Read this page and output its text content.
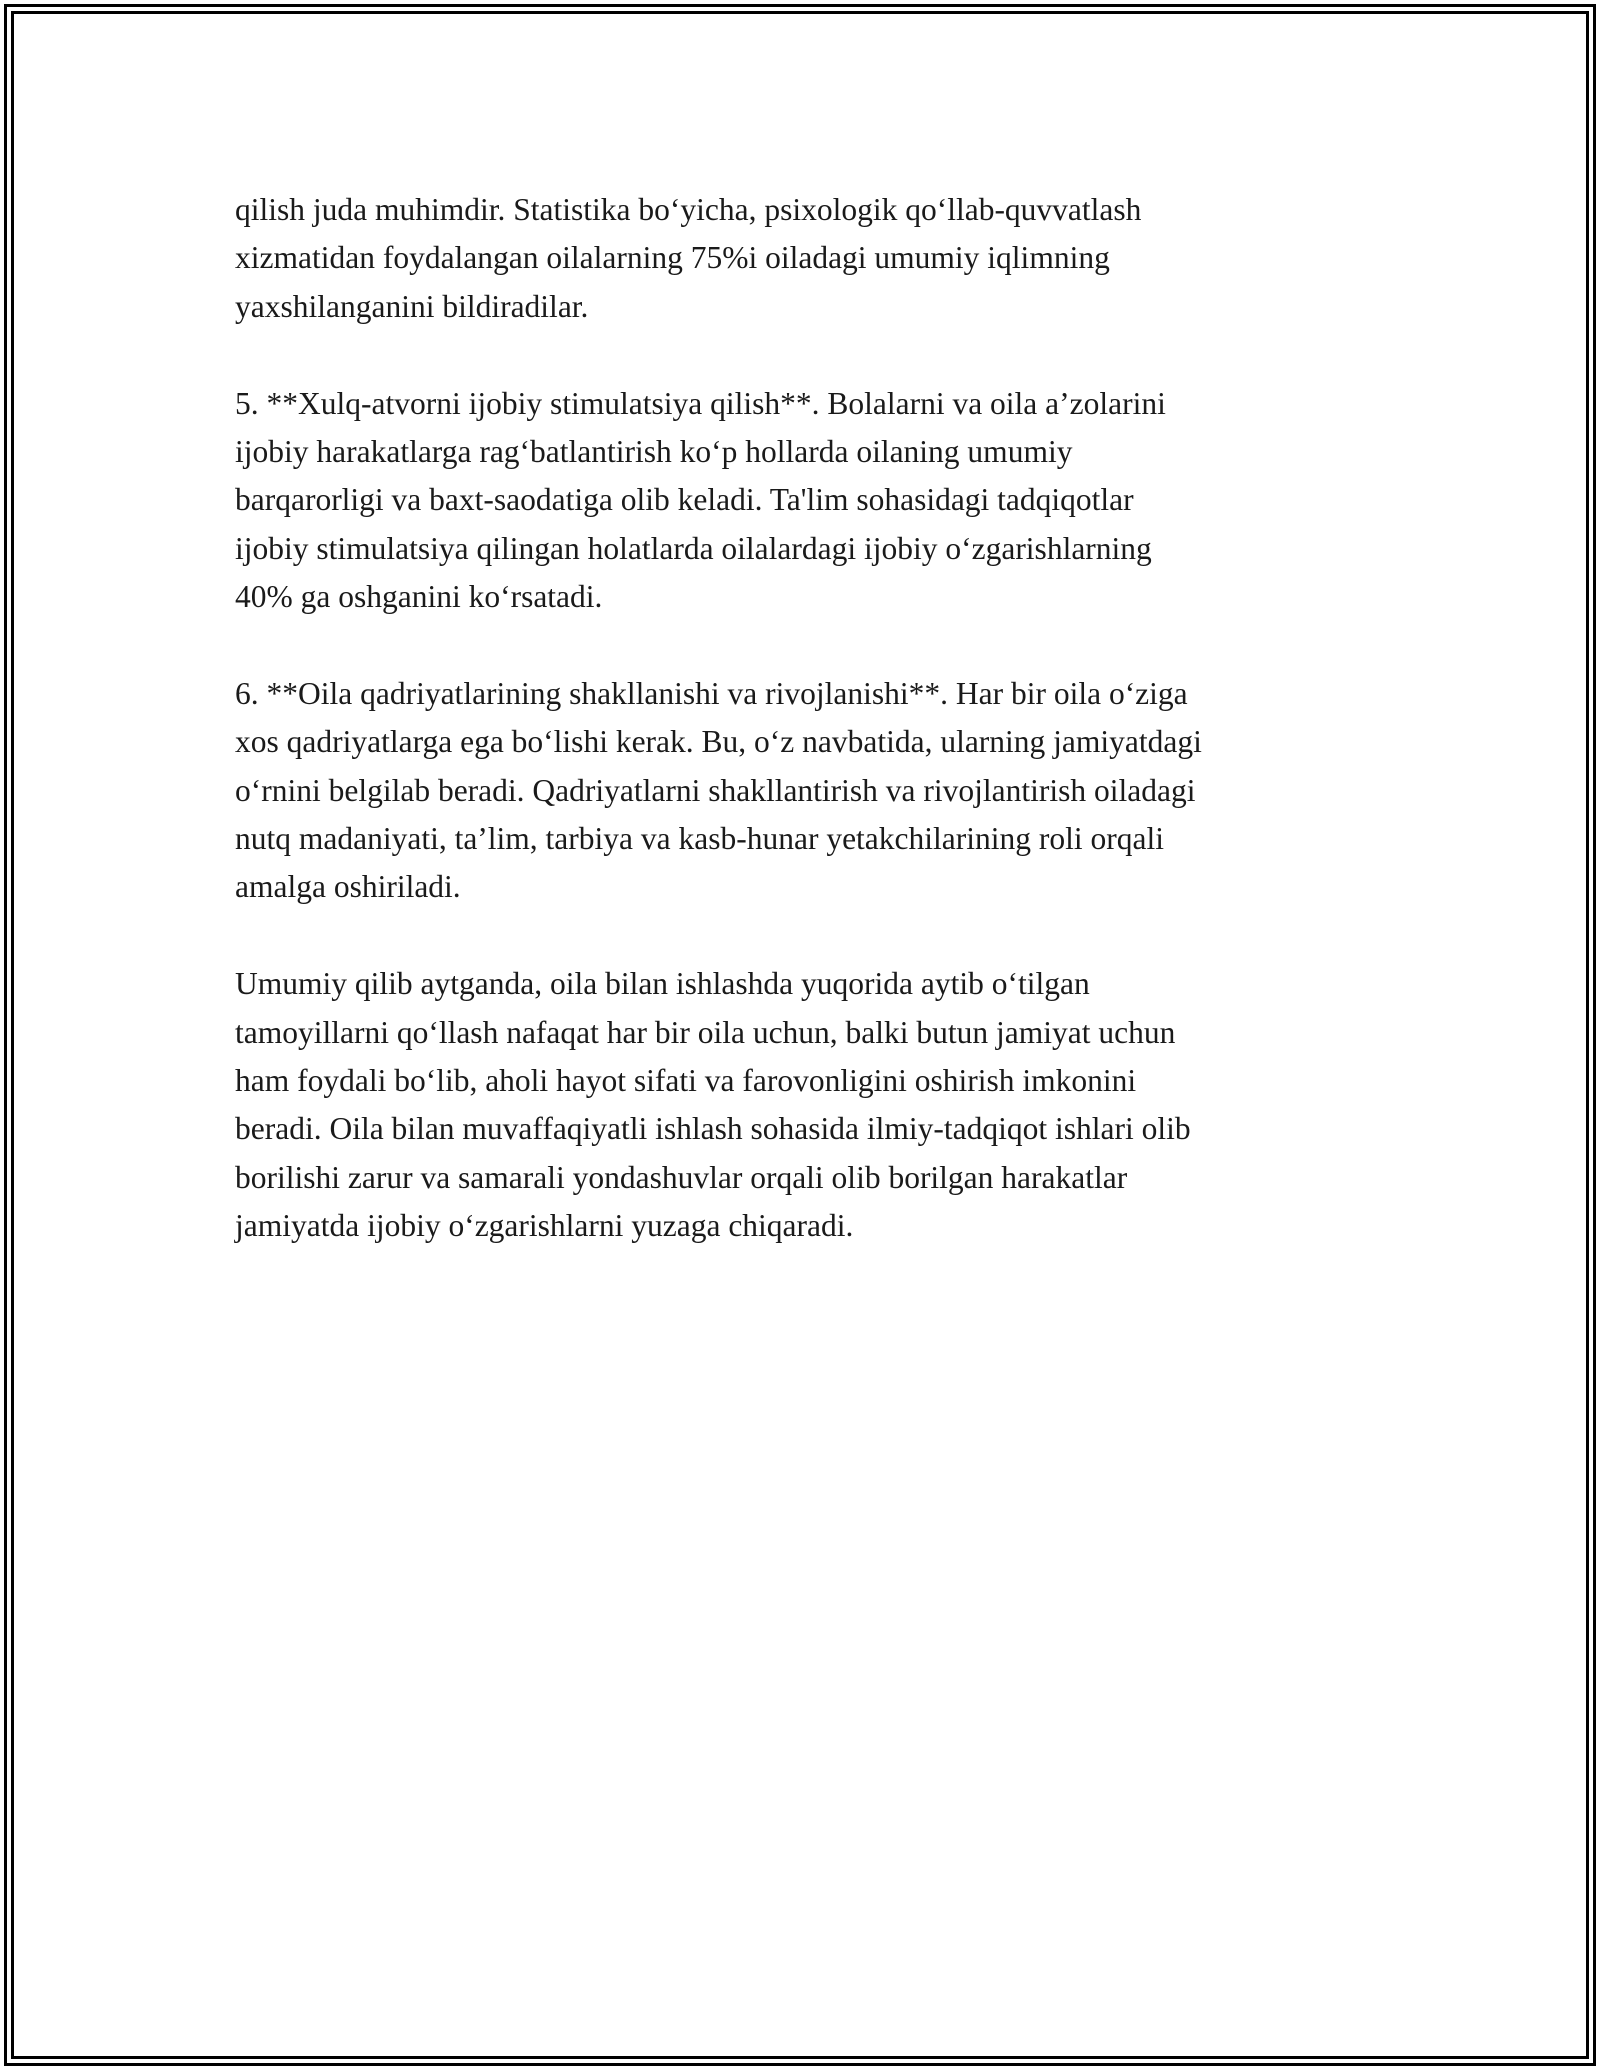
qilish juda muhimdir. Statistika bo‘yicha, psixologik qo‘llab-quvvatlash
xizmatidan foydalangan oilalarning 75%i oiladagi umumiy iqlimning
yaxshilanganini bildiradilar.

5. **Xulq-atvorni ijobiy stimulatsiya qilish**. Bolalarni va oila a’zolarini
ijobiy harakatlarga rag‘batlantirish ko‘p hollarda oilaning umumiy
barqarorligi va baxt-saodatiga olib keladi. Ta'lim sohasidagi tadqiqotlar
ijobiy stimulatsiya qilingan holatlarda oilalardagi ijobiy o‘zgarishlarning
40% ga oshganini ko‘rsatadi.

6. **Oila qadriyatlarining shakllanishi va rivojlanishi**. Har bir oila o‘ziga
xos qadriyatlarga ega bo‘lishi kerak. Bu, o‘z navbatida, ularning jamiyatdagi
o‘rnini belgilab beradi. Qadriyatlarni shakllantirish va rivojlantirish oiladagi
nutq madaniyati, ta’lim, tarbiya va kasb-hunar yetakchilarining roli orqali
amalga oshiriladi.

Umumiy qilib aytganda, oila bilan ishlashda yuqorida aytib o‘tilgan
tamoyillarni qo‘llash nafaqat har bir oila uchun, balki butun jamiyat uchun
ham foydali bo‘lib, aholi hayot sifati va farovonligini oshirish imkonini
beradi. Oila bilan muvaffaqiyatli ishlash sohasida ilmiy-tadqiqot ishlari olib
borilishi zarur va samarali yondashuvlar orqali olib borilgan harakatlar
jamiyatda ijobiy o‘zgarishlarni yuzaga chiqaradi.
